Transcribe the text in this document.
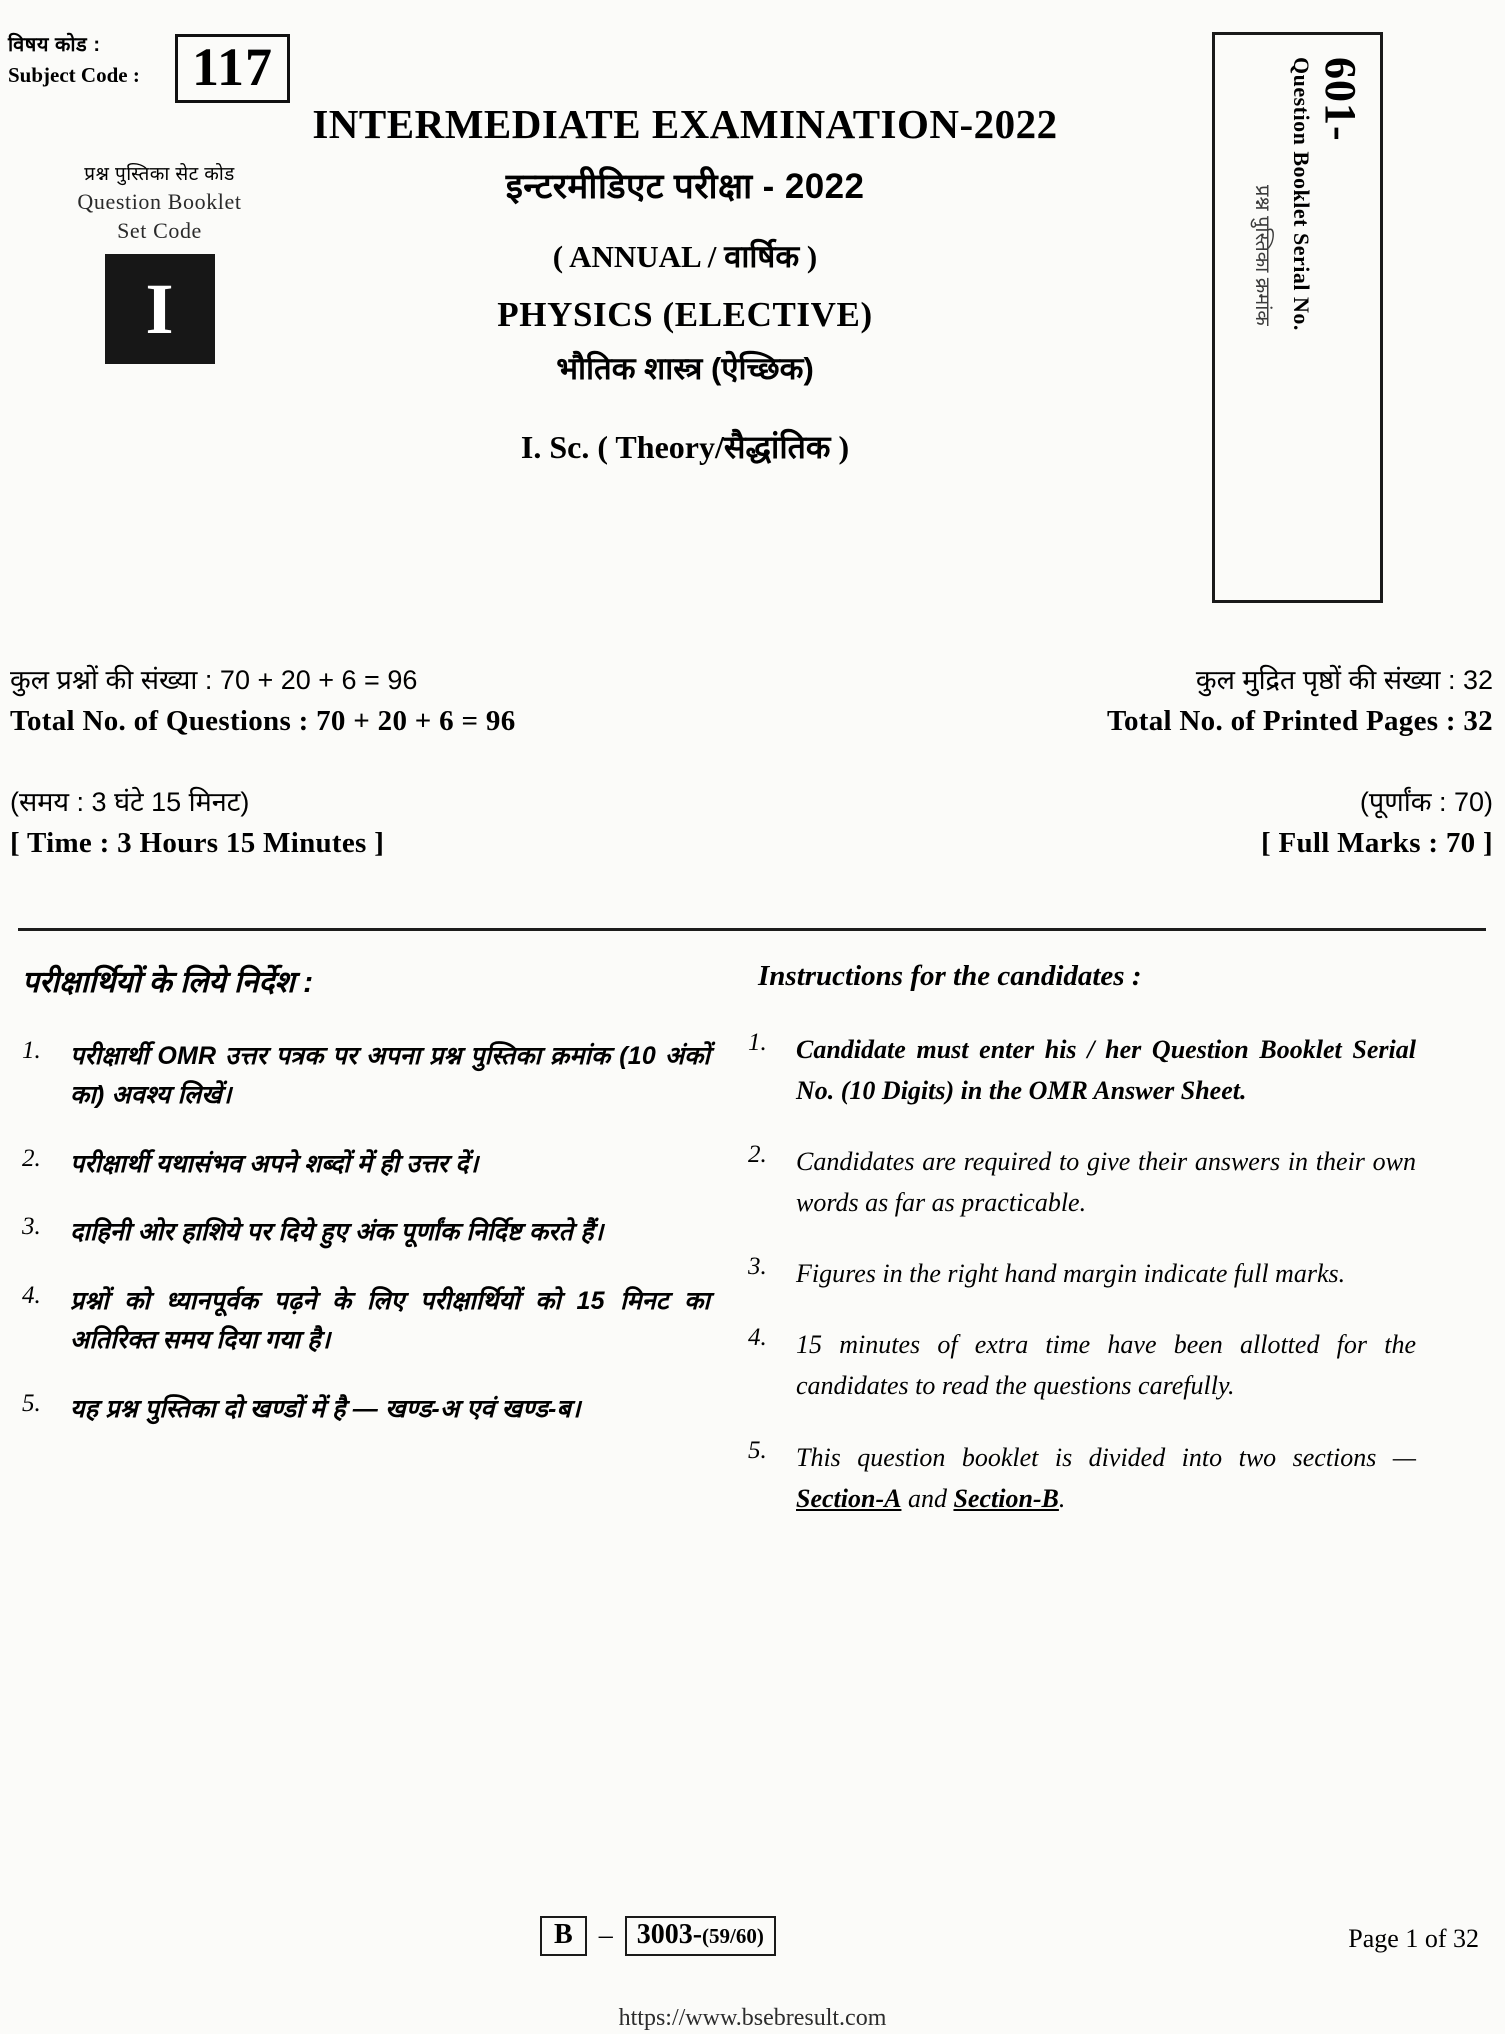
विषय कोड :
Subject Code : 117
प्रश्न पुस्तिका सेट कोड
Question Booklet
Set Code
I
INTERMEDIATE EXAMINATION-2022
इन्टरमीडिएट परीक्षा - 2022
( ANNUAL / वार्षिक )
PHYSICS (ELECTIVE)
भौतिक शास्त्र (ऐच्छिक)
I. Sc. ( Theory/सैद्धांतिक )
601-
Question Booklet Serial No.
प्रश्न पुस्तिका क्रमांक
कुल प्रश्नों की संख्या : 70 + 20 + 6 = 96
Total No. of Questions : 70 + 20 + 6 = 96
(समय : 3 घंटे 15 मिनट)
[ Time : 3 Hours 15 Minutes ]
कुल मुद्रित पृष्ठों की संख्या : 32
Total No. of Printed Pages : 32
(पूर्णांक : 70)
[ Full Marks : 70 ]
परीक्षार्थियों के लिये निर्देश :
1.	परीक्षार्थी OMR उत्तर पत्रक पर अपना प्रश्न पुस्तिका क्रमांक (10 अंकों का) अवश्य लिखें।
2.	परीक्षार्थी यथासंभव अपने शब्दों में ही उत्तर दें।
3.	दाहिनी ओर हाशिये पर दिये हुए अंक पूर्णांक निर्दिष्ट करते हैं।
4.	प्रश्नों को ध्यानपूर्वक पढ़ने के लिए परीक्षार्थियों को 15 मिनट का अतिरिक्त समय दिया गया है।
5.	यह प्रश्न पुस्तिका दो खण्डों में है — खण्ड-अ एवं खण्ड-ब।
Instructions for the candidates :
1.	Candidate must enter his / her Question Booklet Serial No. (10 Digits) in the OMR Answer Sheet.
2.	Candidates are required to give their answers in their own words as far as practicable.
3.	Figures in the right hand margin indicate full marks.
4.	15 minutes of extra time have been allotted for the candidates to read the questions carefully.
5.	This question booklet is divided into two sections — Section-A and Section-B.
B – 3003-(59/60)	Page 1 of 32
https://www.bsebresult.com
